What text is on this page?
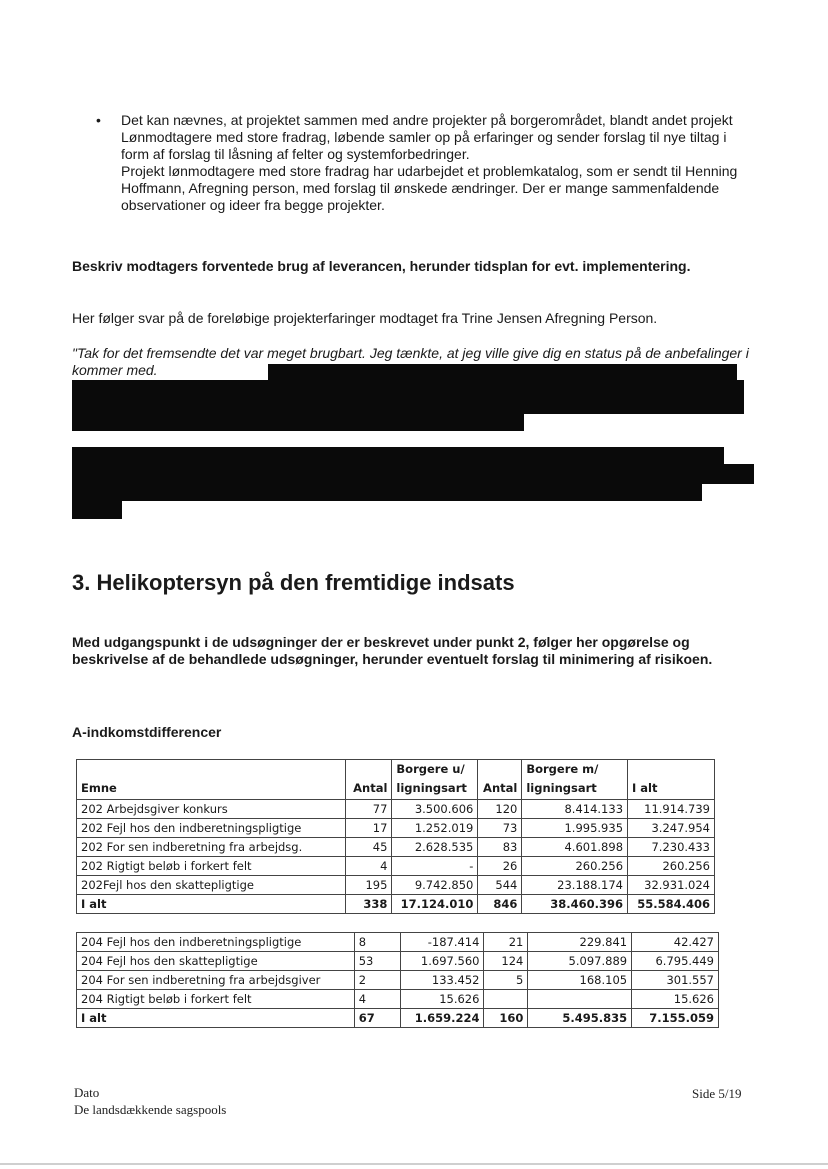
• Det kan nævnes, at projektet sammen med andre projekter på borgerområdet, blandt andet projekt Lønmodtagere med store fradrag, løbende samler op på erfaringer og sender forslag til nye tiltag i form af forslag til låsning af felter og systemforbedringer.

Projekt lønmodtagere med store fradrag har udarbejdet et problemkatalog, som er sendt til Henning Hoffmann, Afregning person, med forslag til ønskede ændringer. Der er mange sammenfaldende observationer og ideer fra begge projekter.

Beskriv modtagers forventede brug af leverancen, herunder tidsplan for evt. implementering.
Her følger svar på de foreløbige projekterfaringer modtaget fra Trine Jensen Afregning Person.
"Tak for det fremsendte det var meget brugbart. Jeg tænkte, at jeg ville give dig en status på de anbefalinger i kommer med.
3. Helikoptersyn på den fremtidige indsats
Med udgangspunkt i de udsøgninger der er beskrevet under punkt 2, følger her opgørelse og beskrivelse af de behandlede udsøgninger, herunder eventuelt forslag til minimering af risikoen.
A-indkomstdifferencer
Emne	Antal	Borgere u/ ligningsart	Antal	Borgere m/ ligningsart	I alt
202 Arbejdsgiver konkurs	77	3.500.606	120	8.414.133	11.914.739
202 Fejl hos den indberetningspligtige	17	1.252.019	73	1.995.935	3.247.954
202 For sen indberetning fra arbejdsg.	45	2.628.535	83	4.601.898	7.230.433
202 Rigtigt beløb i forkert felt	4	-	26	260.256	260.256
202Fejl hos den skattepligtige	195	9.742.850	544	23.188.174	32.931.024
I alt	338	17.124.010	846	38.460.396	55.584.406
204 Fejl hos den indberetningspligtige	8	-187.414	21	229.841	42.427
204 Fejl hos den skattepligtige	53	1.697.560	124	5.097.889	6.795.449
204 For sen indberetning fra arbejdsgiver	2	133.452	5	168.105	301.557
204 Rigtigt beløb i forkert felt	4	15.626			15.626
I alt	67	1.659.224	160	5.495.835	7.155.059
Dato
De landsdækkende sagspools
Side 5/19
